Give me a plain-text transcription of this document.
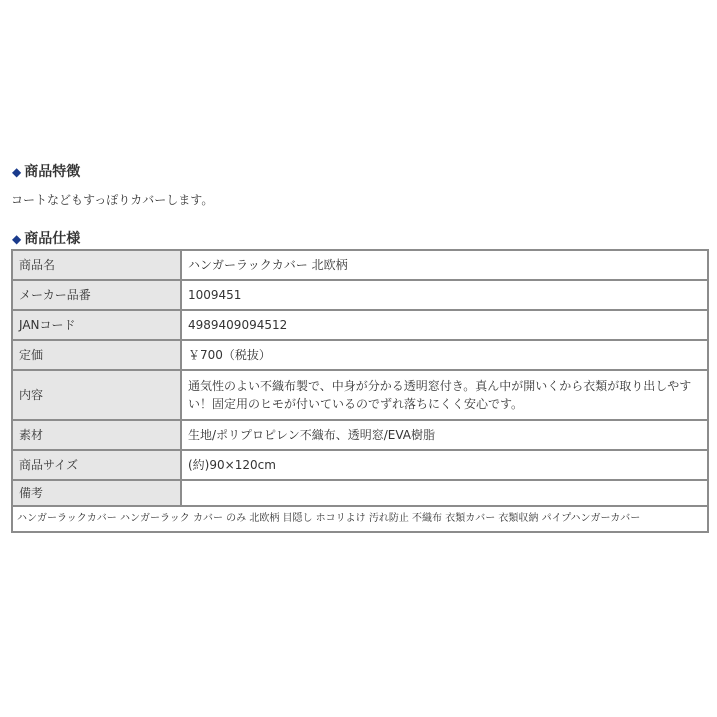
◆ 商品特徴
コートなどもすっぽりカバーします。
◆ 商品仕様
商品名	ハンガーラックカバー 北欧柄
メーカー品番	1009451
JANコード	4989409094512
定価	￥700（税抜）
内容	通気性のよい不織布製で、中身が分かる透明窓付き。真ん中が開いくから衣類が取り出しやすい！固定用のヒモが付いているのでずれ落ちにくく安心です。
素材	生地/ポリプロピレン不織布、透明窓/EVA樹脂
商品サイズ	(約)90×120cm
備考	
ハンガーラックカバー ハンガーラック カバー のみ 北欧柄 目隠し ホコリよけ 汚れ防止 不織布 衣類カバー 衣類収納 パイプハンガーカバー	
